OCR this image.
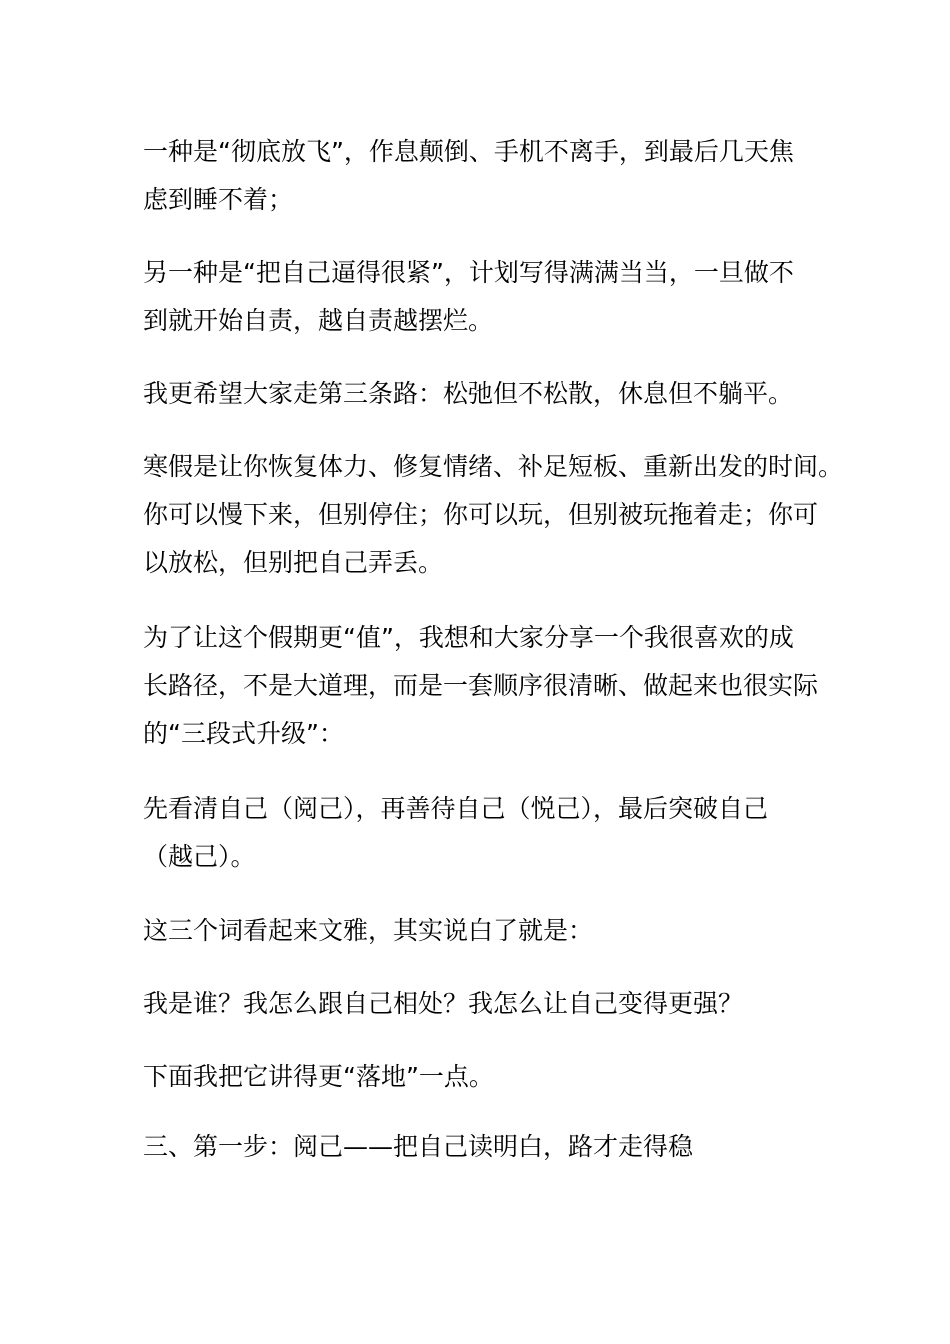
一种是“彻底放飞”，作息颠倒、手机不离手，到最后几天焦
虑到睡不着；

另一种是“把自己逼得很紧”，计划写得满满当当，一旦做不
到就开始自责，越自责越摆烂。

我更希望大家走第三条路：松弛但不松散，休息但不躺平。

寒假是让你恢复体力、修复情绪、补足短板、重新出发的时间。
你可以慢下来，但别停住；你可以玩，但别被玩拖着走；你可
以放松，但别把自己弄丢。

为了让这个假期更“值”，我想和大家分享一个我很喜欢的成
长路径，不是大道理，而是一套顺序很清晰、做起来也很实际
的“三段式升级”：

先看清自己（阅己），再善待自己（悦己），最后突破自己
（越己）。

这三个词看起来文雅，其实说白了就是：

我是谁？我怎么跟自己相处？我怎么让自己变得更强？

下面我把它讲得更“落地”一点。

三、第一步：阅己——把自己读明白，路才走得稳
